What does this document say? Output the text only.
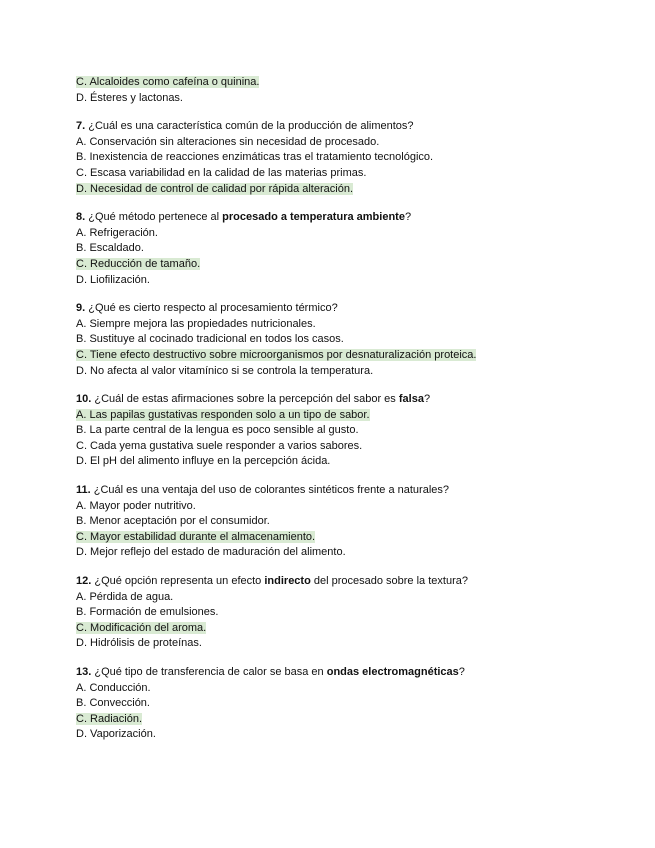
C. Alcaloides como cafeína o quinina.
D. Ésteres y lactonas.
7. ¿Cuál es una característica común de la producción de alimentos?
A. Conservación sin alteraciones sin necesidad de procesado.
B. Inexistencia de reacciones enzimáticas tras el tratamiento tecnológico.
C. Escasa variabilidad en la calidad de las materias primas.
D. Necesidad de control de calidad por rápida alteración.
8. ¿Qué método pertenece al procesado a temperatura ambiente?
A. Refrigeración.
B. Escaldado.
C. Reducción de tamaño.
D. Liofilización.
9. ¿Qué es cierto respecto al procesamiento térmico?
A. Siempre mejora las propiedades nutricionales.
B. Sustituye al cocinado tradicional en todos los casos.
C. Tiene efecto destructivo sobre microorganismos por desnaturalización proteica.
D. No afecta al valor vitamínico si se controla la temperatura.
10. ¿Cuál de estas afirmaciones sobre la percepción del sabor es falsa?
A. Las papilas gustativas responden solo a un tipo de sabor.
B. La parte central de la lengua es poco sensible al gusto.
C. Cada yema gustativa suele responder a varios sabores.
D. El pH del alimento influye en la percepción ácida.
11. ¿Cuál es una ventaja del uso de colorantes sintéticos frente a naturales?
A. Mayor poder nutritivo.
B. Menor aceptación por el consumidor.
C. Mayor estabilidad durante el almacenamiento.
D. Mejor reflejo del estado de maduración del alimento.
12. ¿Qué opción representa un efecto indirecto del procesado sobre la textura?
A. Pérdida de agua.
B. Formación de emulsiones.
C. Modificación del aroma.
D. Hidrólisis de proteínas.
13. ¿Qué tipo de transferencia de calor se basa en ondas electromagnéticas?
A. Conducción.
B. Convección.
C. Radiación.
D. Vaporización.
